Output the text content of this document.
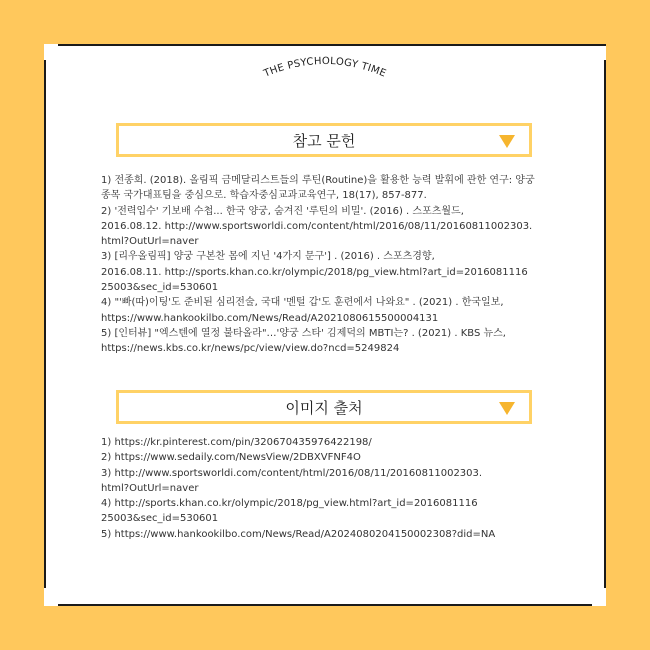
THE PSYCHOLOGY TIME
참고 문헌
1) 전종희. (2018). 올림픽 금메달리스트들의 루틴(Routine)을 활용한 능력 발휘에 관한 연구: 양궁
종목 국가대표팀을 중심으로. 학습자중심교과교육연구, 18(17), 857-877.
2) '전력입수' 기보배 수첩... 한국 양궁, 숨겨진 '루틴의 비밀'. (2016) . 스포츠월드,
2016.08.12. http://www.sportsworldi.com/content/html/2016/08/11/20160811002303.
html?OutUrl=naver
3) [리우올림픽] 양궁 구본찬 몸에 지닌 '4가지 문구'] . (2016) . 스포츠경향,
2016.08.11. http://sports.khan.co.kr/olympic/2018/pg_view.html?art_id=2016081116
25003&sec_id=530601
4) "'빠(따)이팅'도 준비된 심리전술, 국대 '멘털 갑'도 훈련에서 나와요" . (2021) . 한국일보,
https://www.hankookilbo.com/News/Read/A2021080615500004131
5) [인터뷰] "엑스텐에 열정 불타올라"…'양궁 스타' 김제덕의 MBTI는? . (2021) . KBS 뉴스,
https://news.kbs.co.kr/news/pc/view/view.do?ncd=5249824
이미지 출처
1) https://kr.pinterest.com/pin/320670435976422198/
2) https://www.sedaily.com/NewsView/2DBXVFNF4O
3) http://www.sportsworldi.com/content/html/2016/08/11/20160811002303.
html?OutUrl=naver
4) http://sports.khan.co.kr/olympic/2018/pg_view.html?art_id=2016081116
25003&sec_id=530601
5) https://www.hankookilbo.com/News/Read/A2024080204150002308?did=NA
